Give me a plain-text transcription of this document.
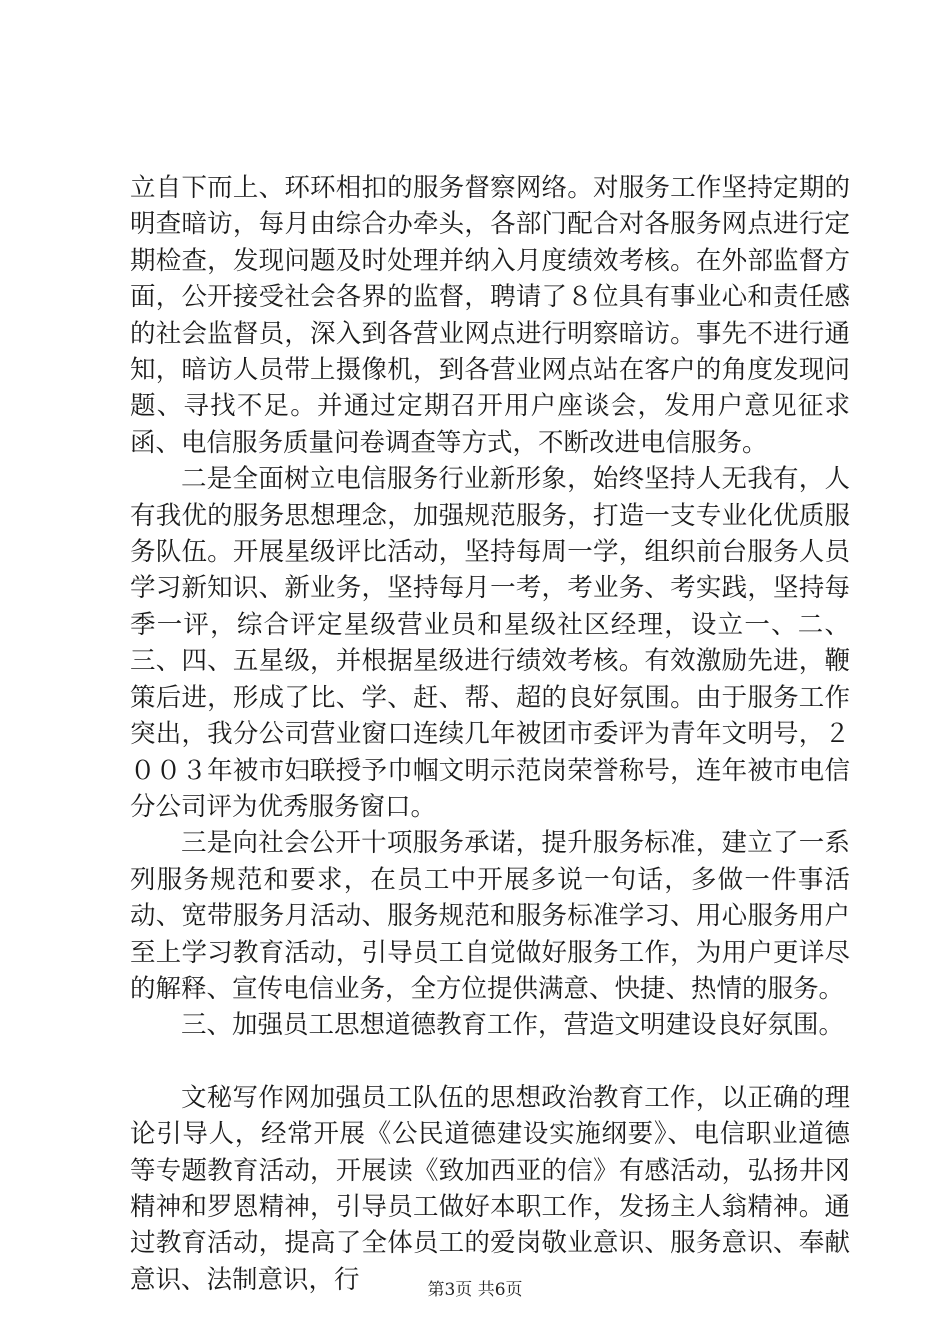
立自下而上、环环相扣的服务督察网络。对服务工作坚持定期的明查暗访，每月由综合办牵头，各部门配合对各服务网点进行定期检查，发现问题及时处理并纳入月度绩效考核。在外部监督方面，公开接受社会各界的监督，聘请了８位具有事业心和责任感的社会监督员，深入到各营业网点进行明察暗访。事先不进行通知，暗访人员带上摄像机，到各营业网点站在客户的角度发现问题、寻找不足。并通过定期召开用户座谈会，发用户意见征求函、电信服务质量问卷调查等方式，不断改进电信服务。

二是全面树立电信服务行业新形象，始终坚持人无我有，人有我优的服务思想理念，加强规范服务，打造一支专业化优质服务队伍。开展星级评比活动，坚持每周一学，组织前台服务人员学习新知识、新业务，坚持每月一考，考业务、考实践，坚持每季一评，综合评定星级营业员和星级社区经理，设立一、二、三、四、五星级，并根据星级进行绩效考核。有效激励先进，鞭策后进，形成了比、学、赶、帮、超的良好氛围。由于服务工作突出，我分公司营业窗口连续几年被团市委评为青年文明号，２００３年被市妇联授予巾帼文明示范岗荣誉称号，连年被市电信分公司评为优秀服务窗口。

三是向社会公开十项服务承诺，提升服务标准，建立了一系列服务规范和要求，在员工中开展多说一句话，多做一件事活动、宽带服务月活动、服务规范和服务标准学习、用心服务用户至上学习教育活动，引导员工自觉做好服务工作，为用户更详尽的解释、宣传电信业务，全方位提供满意、快捷、热情的服务。

三、加强员工思想道德教育工作，营造文明建设良好氛围。

文秘写作网加强员工队伍的思想政治教育工作，以正确的理论引导人，经常开展《公民道德建设实施纲要》、电信职业道德等专题教育活动，开展读《致加西亚的信》有感活动，弘扬井冈精神和罗恩精神，引导员工做好本职工作，发扬主人翁精神。通过教育活动，提高了全体员工的爱岗敬业意识、服务意识、奉献意识、法制意识，行	第3页 共6页
